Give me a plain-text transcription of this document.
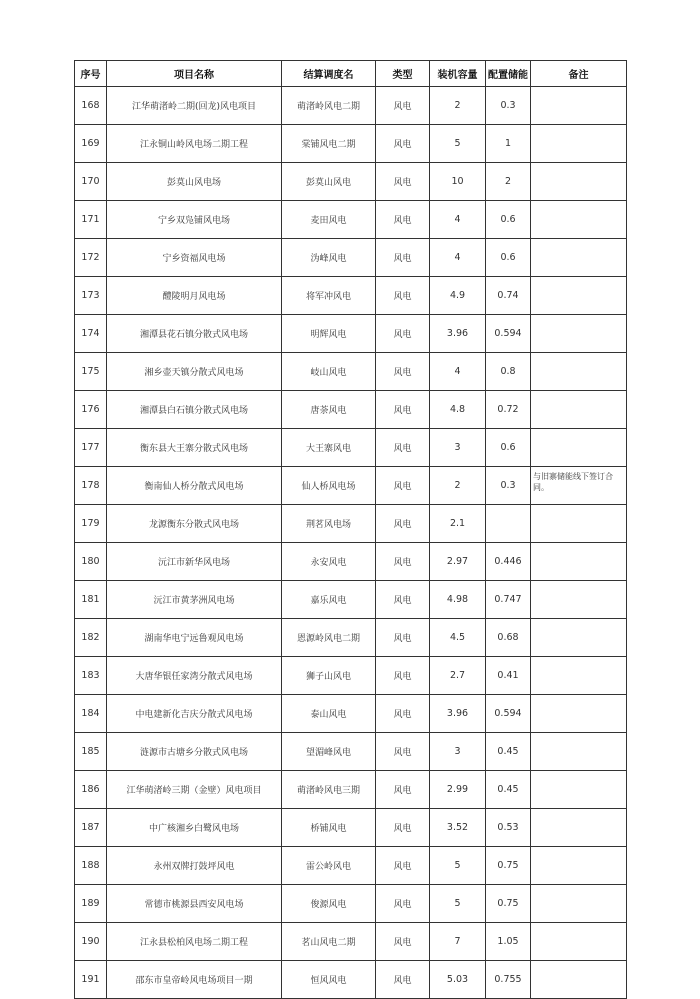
序号	项目名称	结算调度名	类型	装机容量	配置储能	备注
168	江华萌渚岭二期(回龙)风电项目	萌渚岭风电二期	风电	2	0.3	
169	江永铜山岭风电场二期工程	棠铺风电二期	风电	5	1	
170	彭莫山风电场	彭莫山风电	风电	10	2	
171	宁乡双凫铺风电场	麦田风电	风电	4	0.6	
172	宁乡资福风电场	沩峰风电	风电	4	0.6	
173	醴陵明月风电场	将军冲风电	风电	4.9	0.74	
174	湘潭县花石镇分散式风电场	明辉风电	风电	3.96	0.594	
175	湘乡壶天镇分散式风电场	岐山风电	风电	4	0.8	
176	湘潭县白石镇分散式风电场	唐荼风电	风电	4.8	0.72	
177	衡东县大王寨分散式风电场	大王寨风电	风电	3	0.6	
178	衡南仙人桥分散式风电场	仙人桥风电场	风电	2	0.3	与旧寨储能线下签订合同。
179	龙源衡东分散式风电场	荆茗风电场	风电	2.1		
180	沅江市新华风电场	永安风电	风电	2.97	0.446	
181	沅江市黄茅洲风电场	嘉乐风电	风电	4.98	0.747	
182	湖南华电宁远鲁观风电场	恩源岭风电二期	风电	4.5	0.68	
183	大唐华银任家湾分散式风电场	狮子山风电	风电	2.7	0.41	
184	中电建新化吉庆分散式风电场	泰山风电	风电	3.96	0.594	
185	涟源市古塘乡分散式风电场	望湄峰风电	风电	3	0.45	
186	江华萌渚岭三期（金壁）风电项目	萌渚岭风电三期	风电	2.99	0.45	
187	中广核湘乡白鹭风电场	桥铺风电	风电	3.52	0.53	
188	永州双牌打鼓坪风电	雷公岭风电	风电	5	0.75	
189	常德市桃源县西安风电场	俊源风电	风电	5	0.75	
190	江永县松柏风电场二期工程	茗山风电二期	风电	7	1.05	
191	邵东市皇帝岭风电场项目一期	恒风风电	风电	5.03	0.755	
